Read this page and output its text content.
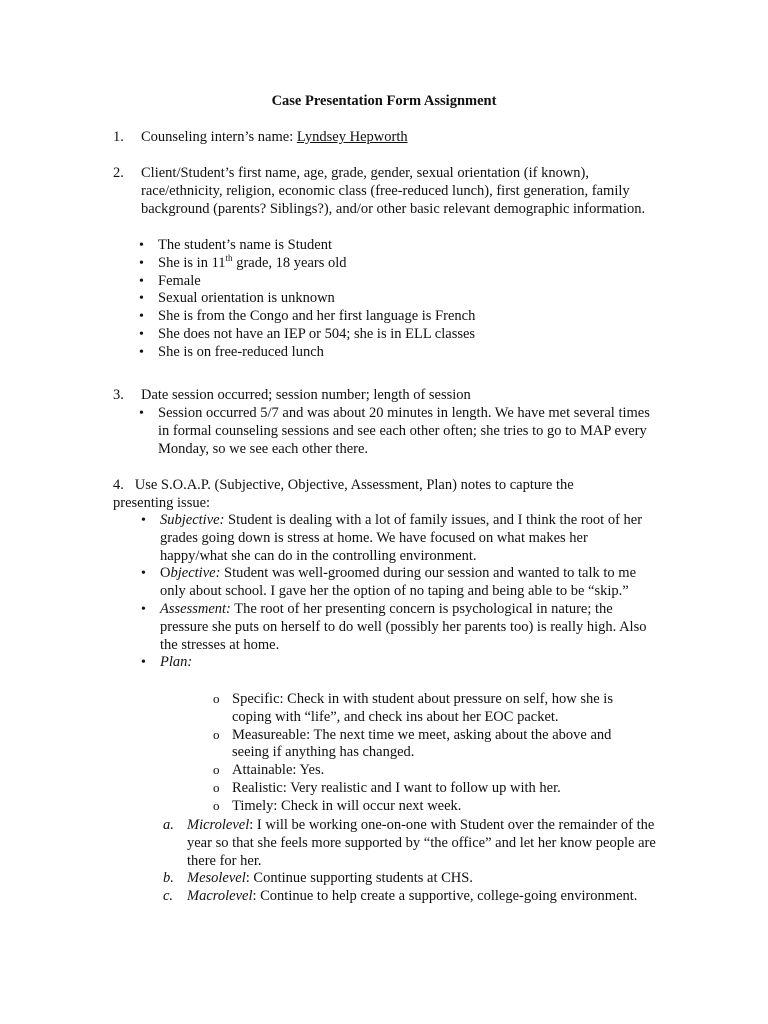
Case Presentation Form Assignment
1. Counseling intern’s name: Lyndsey Hepworth
2. Client/Student’s first name, age, grade, gender, sexual orientation (if known), race/ethnicity, religion, economic class (free-reduced lunch), first generation, family background (parents? Siblings?), and/or other basic relevant demographic information.
• The student’s name is Student
• She is in 11th grade, 18 years old
• Female
• Sexual orientation is unknown
• She is from the Congo and her first language is French
• She does not have an IEP or 504; she is in ELL classes
• She is on free-reduced lunch
3. Date session occurred; session number; length of session
• Session occurred 5/7 and was about 20 minutes in length. We have met several times in formal counseling sessions and see each other often; she tries to go to MAP every Monday, so we see each other there.
4. Use S.O.A.P. (Subjective, Objective, Assessment, Plan) notes to capture the presenting issue:
• Subjective: Student is dealing with a lot of family issues, and I think the root of her grades going down is stress at home. We have focused on what makes her happy/what she can do in the controlling environment.
• Objective: Student was well-groomed during our session and wanted to talk to me only about school. I gave her the option of no taping and being able to be “skip.”
• Assessment: The root of her presenting concern is psychological in nature; the pressure she puts on herself to do well (possibly her parents too) is really high. Also the stresses at home.
• Plan:
o Specific: Check in with student about pressure on self, how she is coping with “life”, and check ins about her EOC packet.
o Measureable: The next time we meet, asking about the above and seeing if anything has changed.
o Attainable: Yes.
o Realistic: Very realistic and I want to follow up with her.
o Timely: Check in will occur next week.
a. Microlevel: I will be working one-on-one with Student over the remainder of the year so that she feels more supported by “the office” and let her know people are there for her.
b. Mesolevel: Continue supporting students at CHS.
c. Macrolevel: Continue to help create a supportive, college-going environment.
